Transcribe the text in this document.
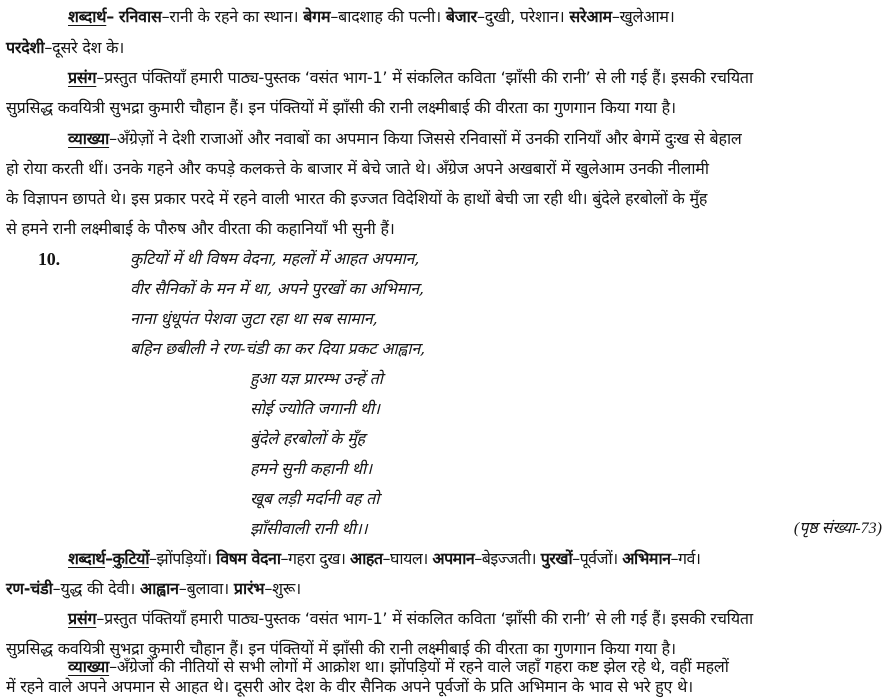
शब्दार्थ– रनिवास–रानी के रहने का स्थान। बेगम–बादशाह की पत्नी। बेजार–दुखी, परेशान। सरेआम–खुलेआम।
परदेशी–दूसरे देश के।
प्रसंग–प्रस्तुत पंक्तियाँ हमारी पाठ्य-पुस्तक ‘वसंत भाग-1’ में संकलित कविता ‘झाँसी की रानी’ से ली गई हैं। इसकी रचयिता
सुप्रसिद्ध कवयित्री सुभद्रा कुमारी चौहान हैं। इन पंक्तियों में झाँसी की रानी लक्ष्मीबाई की वीरता का गुणगान किया गया है।
व्याख्या–अँग्रेज़ों ने देशी राजाओं और नवाबों का अपमान किया जिससे रनिवासों में उनकी रानियाँ और बेगमें दुःख से बेहाल
हो रोया करती थीं। उनके गहने और कपड़े कलकत्ते के बाजार में बेचे जाते थे। अँग्रेज अपने अखबारों में खुलेआम उनकी नीलामी
के विज्ञापन छापते थे। इस प्रकार परदे में रहने वाली भारत की इज्जत विदेशियों के हाथों बेची जा रही थी। बुंदेले हरबोलों के मुँह
से हमने रानी लक्ष्मीबाई के पौरुष और वीरता की कहानियाँ भी सुनी हैं।
10.	कुटियों में थी विषम वेदना, महलों में आहत अपमान,
वीर सैनिकों के मन में था, अपने पुरखों का अभिमान,
नाना धुंधूपंत पेशवा जुटा रहा था सब सामान,
बहिन छबीली ने रण-चंडी का कर दिया प्रकट आह्वान,
हुआ यज्ञ प्रारम्भ उन्हें तो
सोई ज्योति जगानी थी।
बुंदेले हरबोलों के मुँह
हमने सुनी कहानी थी।
खूब लड़ी मर्दानी वह तो
झाँसीवाली रानी थी।।	(पृष्ठ संख्या-73)
शब्दार्थ–कुटियों–झोंपड़ियों। विषम वेदना–गहरा दुख। आहत–घायल। अपमान–बेइज्जती। पुरखों–पूर्वजों। अभिमान–गर्व।
रण-चंडी–युद्ध की देवी। आह्वान–बुलावा। प्रारंभ–शुरू।
प्रसंग–प्रस्तुत पंक्तियाँ हमारी पाठ्य-पुस्तक ‘वसंत भाग-1’ में संकलित कविता ‘झाँसी की रानी’ से ली गई हैं। इसकी रचयिता
सुप्रसिद्ध कवयित्री सुभद्रा कुमारी चौहान हैं। इन पंक्तियों में झाँसी की रानी लक्ष्मीबाई की वीरता का गुणगान किया गया है।
व्याख्या–अँग्रेजों की नीतियों से सभी लोगों में आक्रोश था। झोंपड़ियों में रहने वाले जहाँ गहरा कष्ट झेल रहे थे, वहीं महलों
में रहने वाले अपने अपमान से आहत थे। दूसरी ओर देश के वीर सैनिक अपने पूर्वजों के प्रति अभिमान के भाव से भरे हुए थे।
